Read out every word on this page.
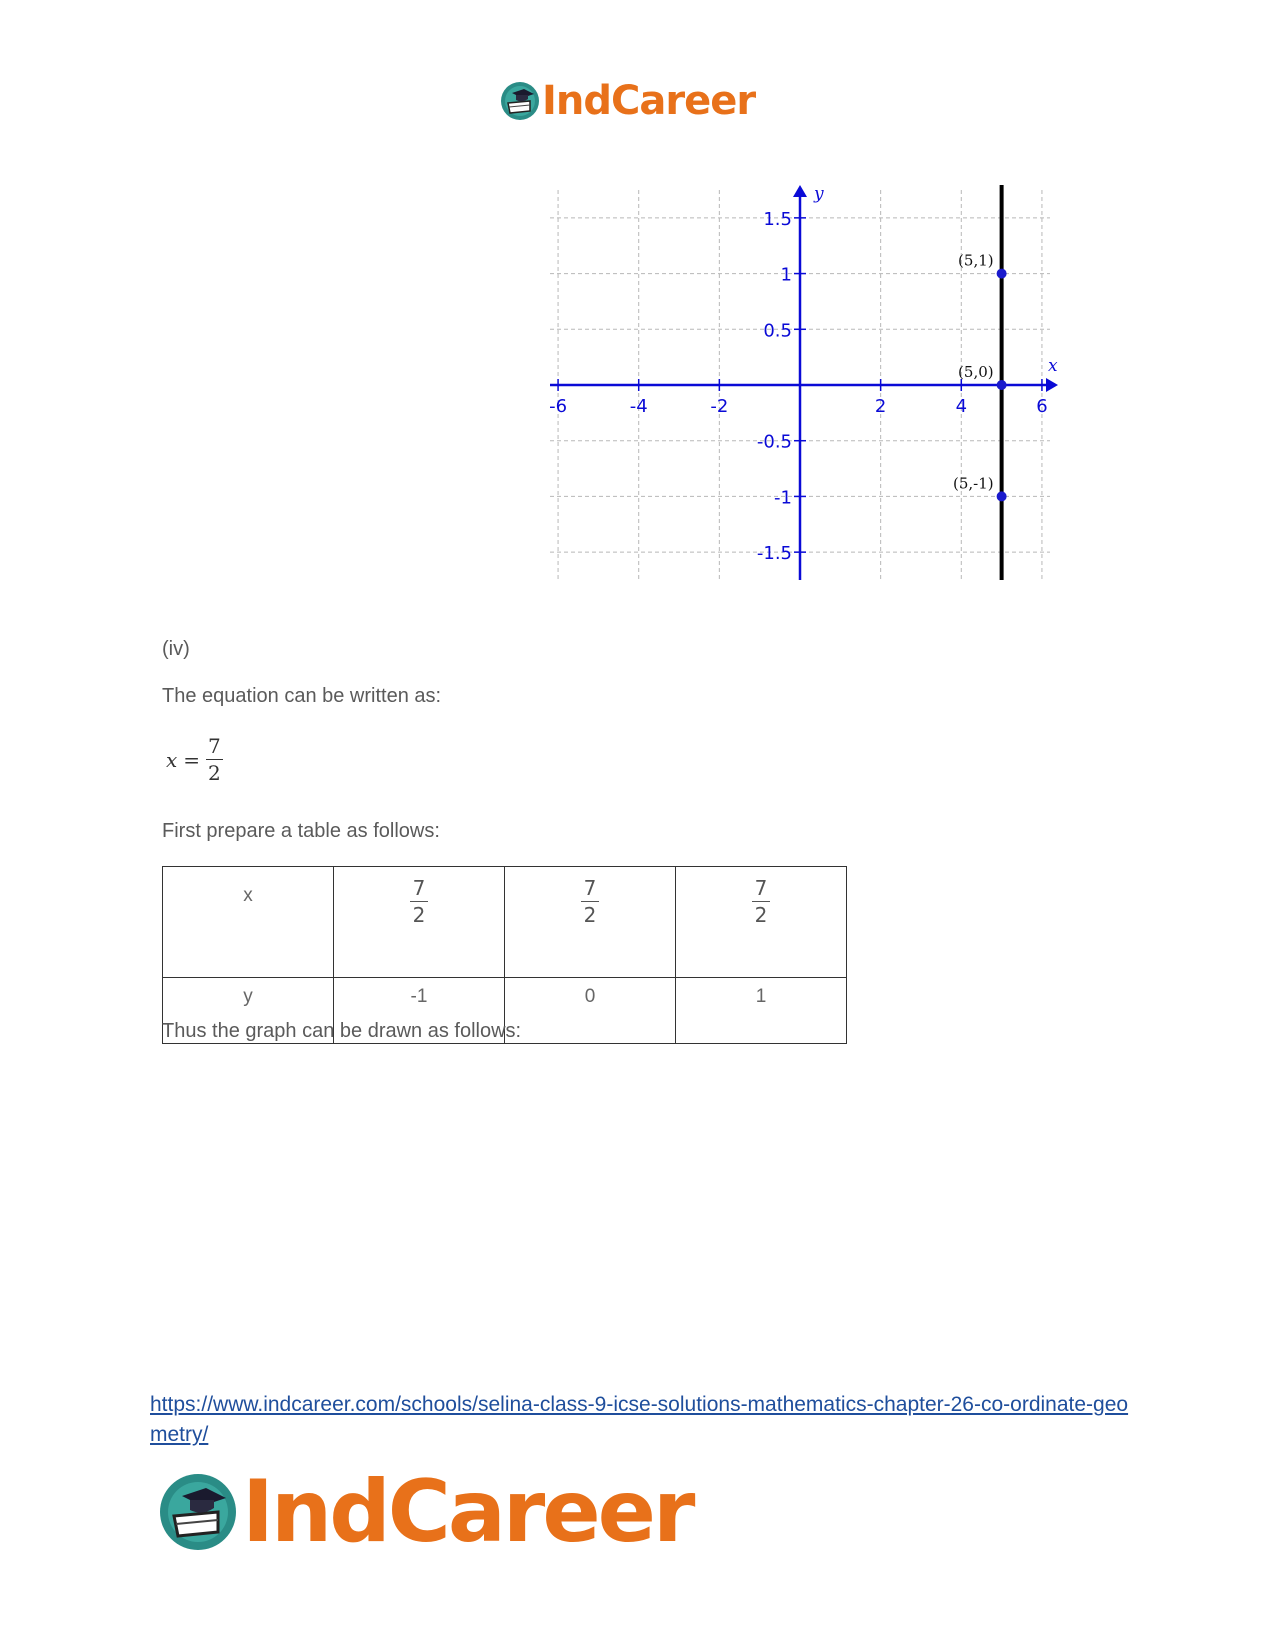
IndCareer
x
y
-6	-4	-2	2	4	6
1.5
1
0.5
-0.5
-1
-1.5
(5,1)
(5,0)
(5,-1)
(iv)
The equation can be written as:
$x = \frac{7}{2}$
First prepare a table as follows:
x	$\frac{7}{2}$	$\frac{7}{2}$	$\frac{7}{2}$

y	-1	0	1
Thus the graph can be drawn as follows:
https://www.indcareer.com/schools/selina-class-9-icse-solutions-mathematics-chapter-26-co-ordinate-geometry/
IndCareer
